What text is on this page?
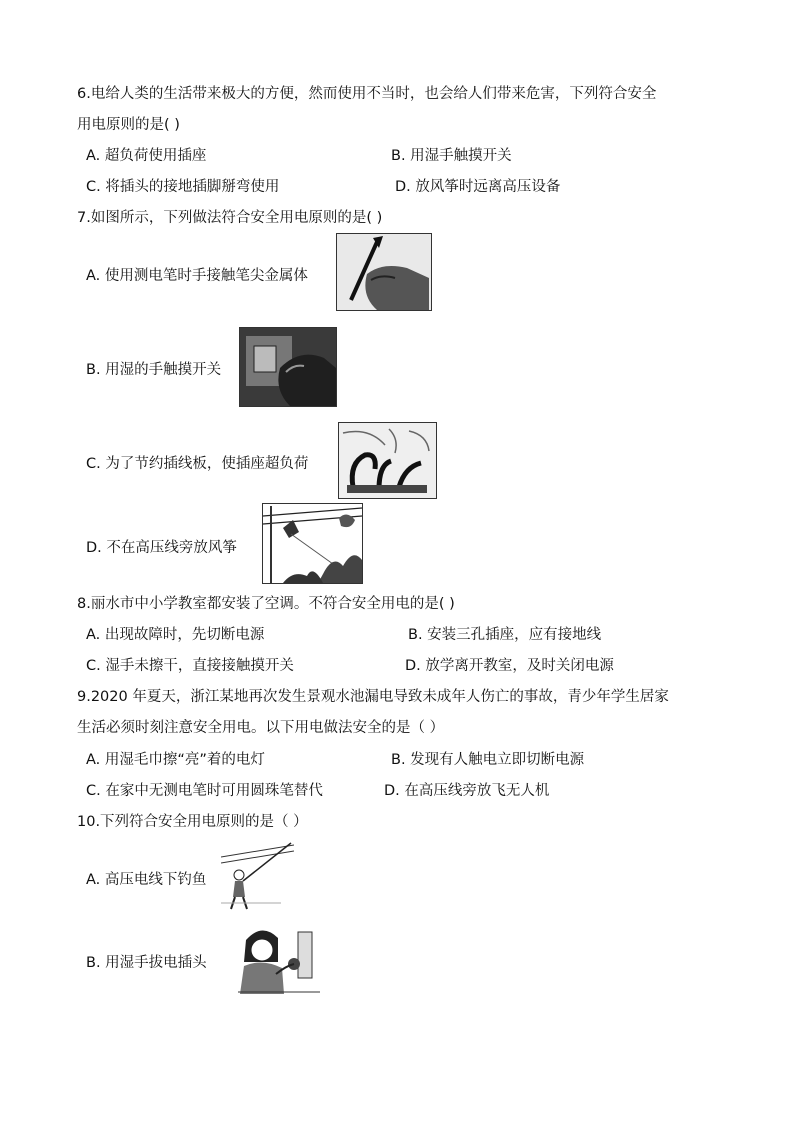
6.电给人类的生活带来极大的方便，然而使用不当时，也会给人们带来危害，下列符合安全
用电原则的是( )
A. 超负荷使用插座	B. 用湿手触摸开关
C. 将插头的接地插脚掰弯使用	D. 放风筝时远离高压设备
7.如图所示，下列做法符合安全用电原则的是( )
A. 使用测电笔时手接触笔尖金属体
B. 用湿的手触摸开关
C. 为了节约插线板，使插座超负荷
D. 不在高压线旁放风筝
8.丽水市中小学教室都安装了空调。不符合安全用电的是( )
A. 出现故障时，先切断电源	B. 安装三孔插座，应有接地线
C. 湿手未擦干，直接接触摸开关	D. 放学离开教室，及时关闭电源
9.2020 年夏天，浙江某地再次发生景观水池漏电导致未成年人伤亡的事故，青少年学生居家
生活必须时刻注意安全用电。以下用电做法安全的是（ ）
A. 用湿毛巾擦“亮”着的电灯	B. 发现有人触电立即切断电源
C. 在家中无测电笔时可用圆珠笔替代	D. 在高压线旁放飞无人机
10.下列符合安全用电原则的是（ ）
A. 高压电线下钓鱼
B. 用湿手拔电插头
